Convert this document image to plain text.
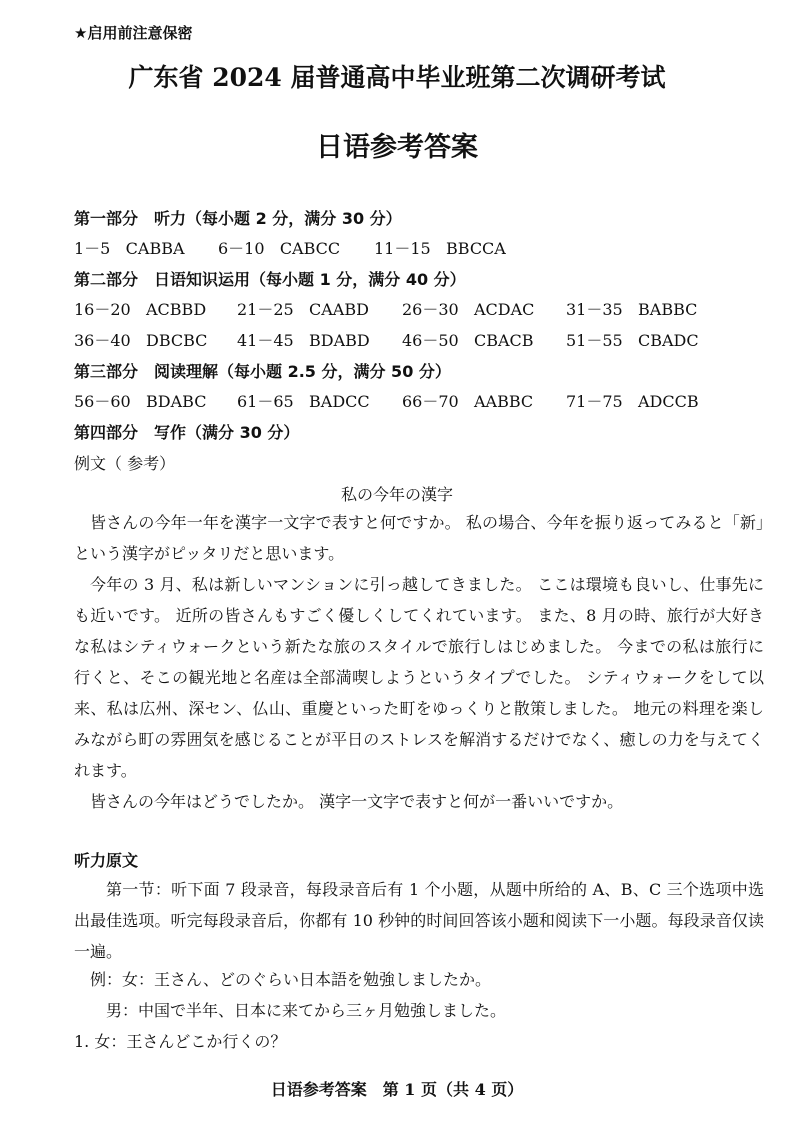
★启用前注意保密
广东省 2024 届普通高中毕业班第二次调研考试
日语参考答案
第一部分　听力（每小题 2 分，满分 30 分）
1－5 CABBA 6－10 CABCC 11－15 BBCCA
第二部分　日语知识运用（每小题 1 分，满分 40 分）
16－20 ACBBD 21－25 CAABD 26－30 ACDAC 31－35 BABBC
36－40 DBCBC 41－45 BDABD 46－50 CBACB 51－55 CBADC
第三部分　阅读理解（每小题 2.5 分，满分 50 分）
56－60 BDABC 61－65 BADCC 66－70 AABBC 71－75 ADCCB
第四部分　写作（满分 30 分）
例文（ 参考）
私の今年の漢字
皆さんの今年一年を漢字一文字で表すと何ですか。 私の場合、今年を振り返ってみると「新」という漢字がピッタリだと思います。
今年の 3 月、私は新しいマンションに引っ越してきました。 ここは環境も良いし、仕事先にも近いです。 近所の皆さんもすごく優しくしてくれています。 また、8 月の時、旅行が大好きな私はシティウォークという新たな旅のスタイルで旅行しはじめました。 今までの私は旅行に行くと、そこの観光地と名産は全部満喫しようというタイプでした。 シティウォークをして以来、私は広州、深セン、仏山、重慶といった町をゆっくりと散策しました。 地元の料理を楽しみながら町の雰囲気を感じることが平日のストレスを解消するだけでなく、癒しの力を与えてくれます。
皆さんの今年はどうでしたか。 漢字一文字で表すと何が一番いいですか。
听力原文
第一节：听下面 7 段录音，每段录音后有 1 个小题，从题中所给的 A、B、C 三个选项中选出最佳选项。听完每段录音后，你都有 10 秒钟的时间回答该小题和阅读下一小题。每段录音仅读一遍。
例：女：王さん、どのぐらい日本語を勉強しましたか。
男：中国で半年、日本に来てから三ヶ月勉強しました。
1. 女：王さんどこか行くの？
日语参考答案　第 1 页（共 4 页）
